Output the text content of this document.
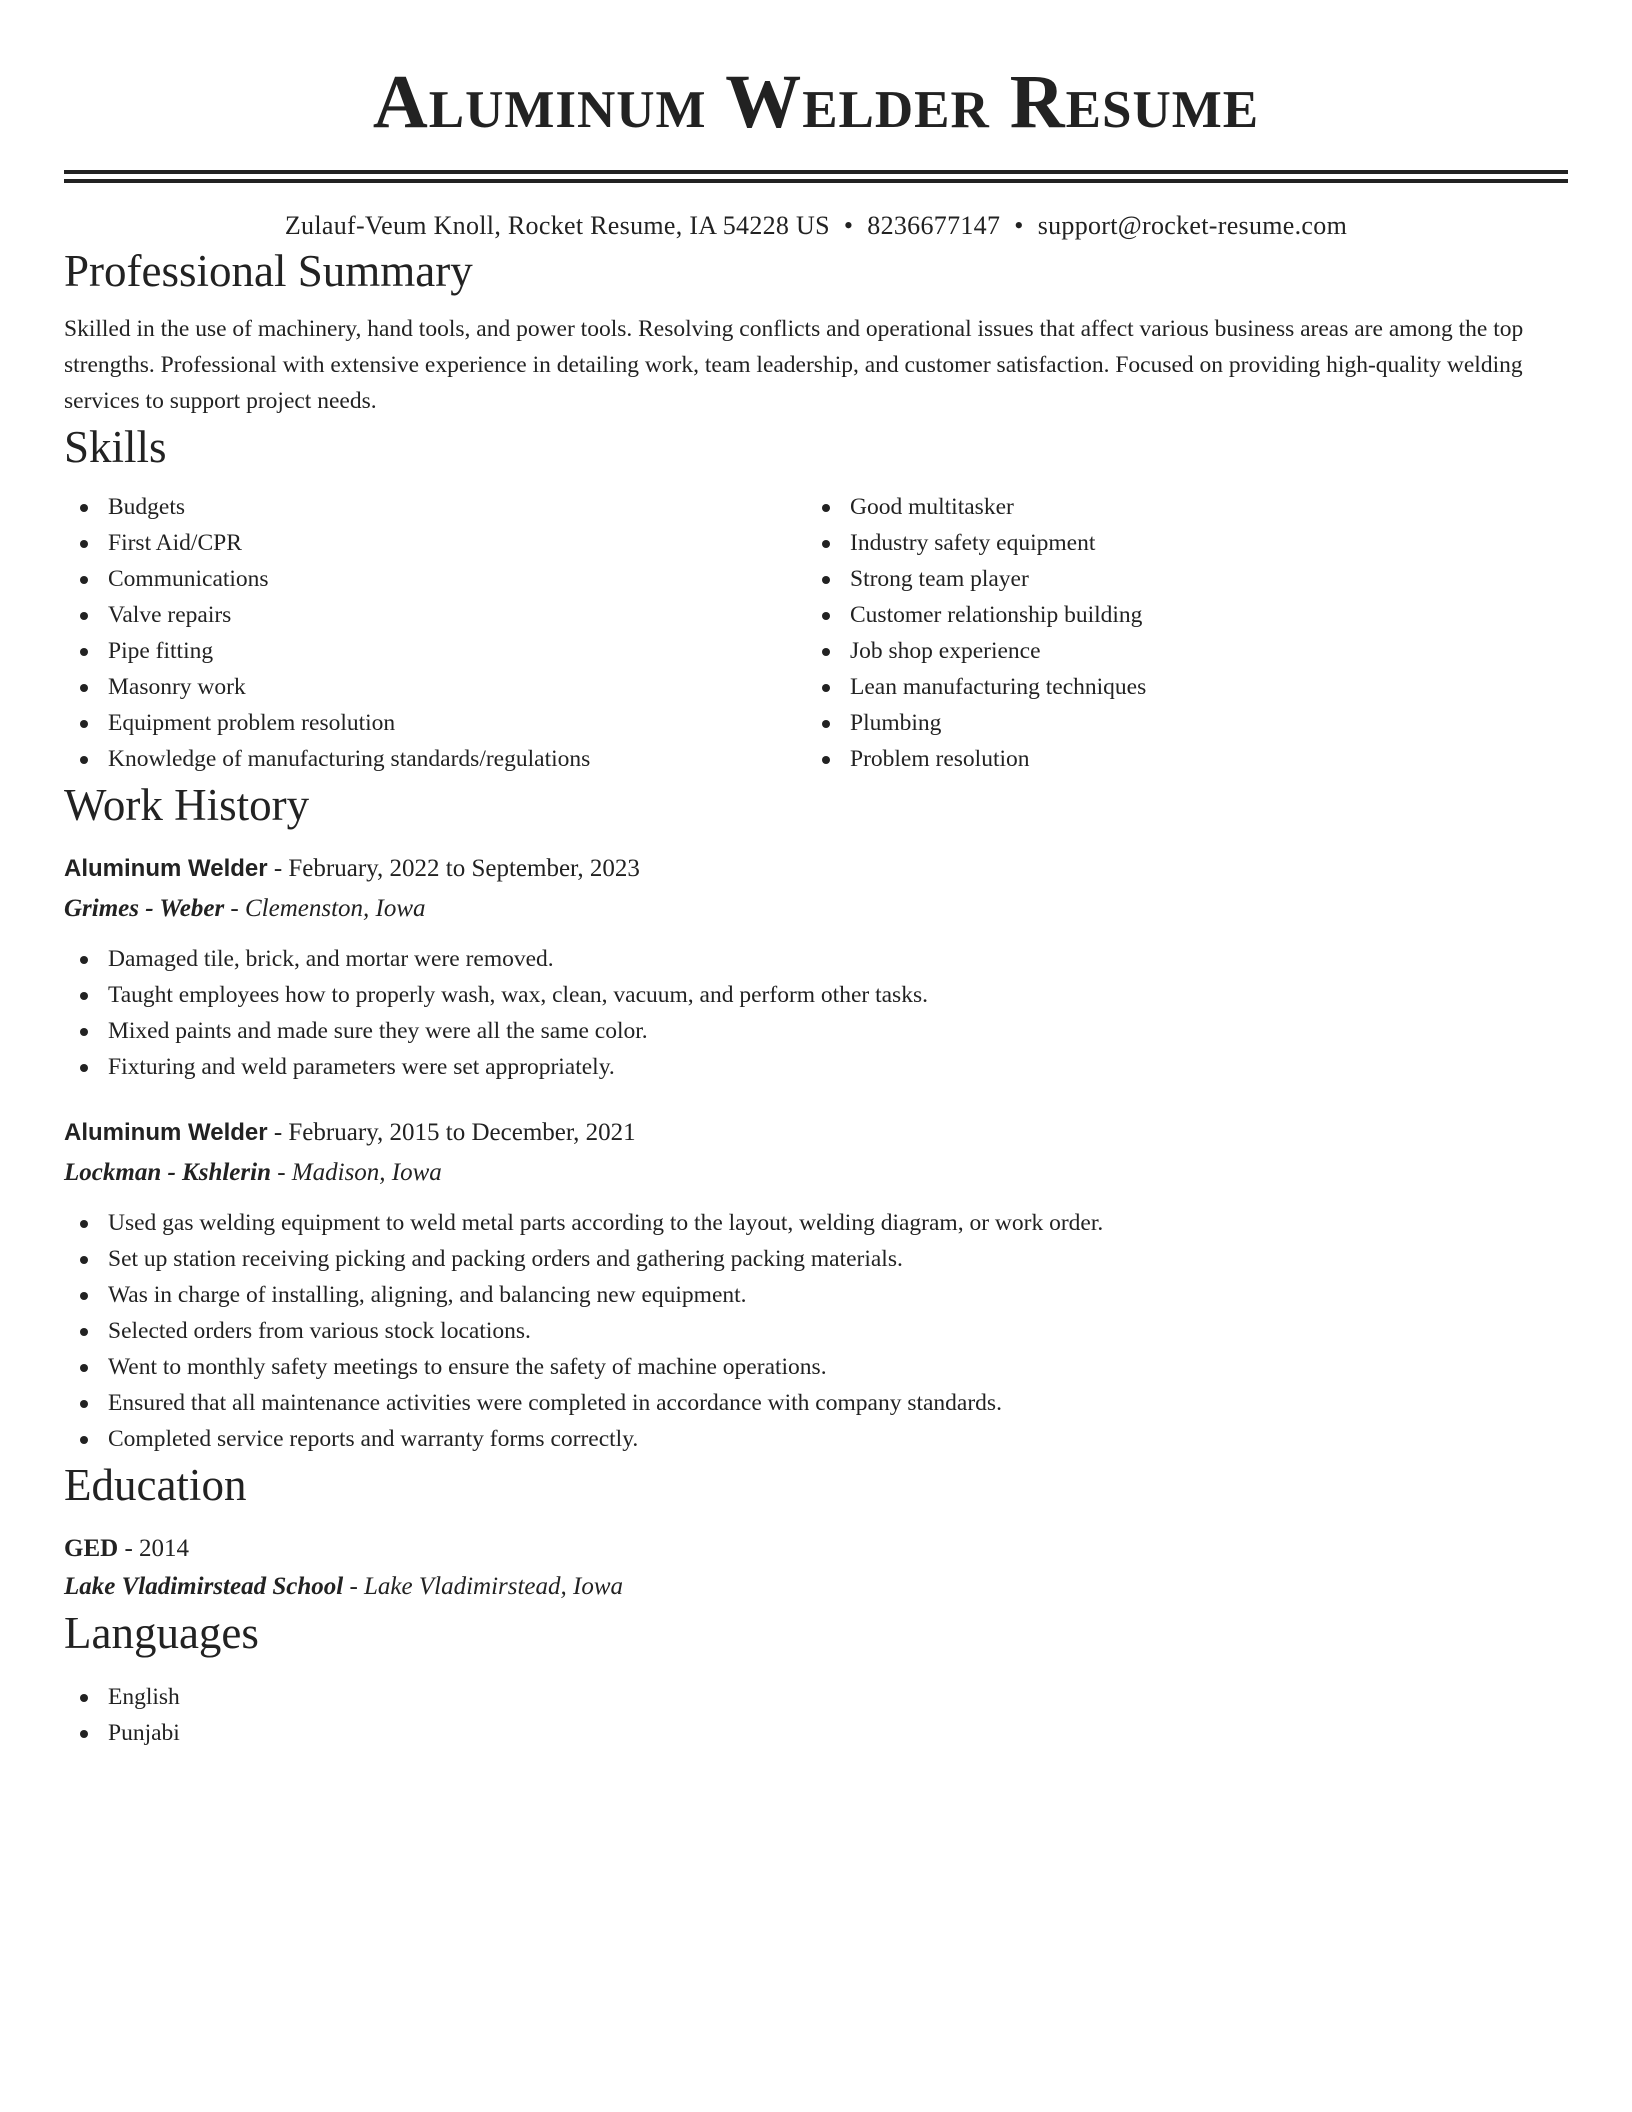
Aluminum Welder Resume
Zulauf-Veum Knoll, Rocket Resume, IA 54228 US • 8236677147 • support@rocket-resume.com
Professional Summary

Skilled in the use of machinery, hand tools, and power tools. Resolving conflicts and operational issues that affect various business areas are among the top strengths. Professional with extensive experience in detailing work, team leadership, and customer satisfaction. Focused on providing high-quality welding services to support project needs.

Skills
Budgets
First Aid/CPR
Communications
Valve repairs
Pipe fitting
Masonry work
Equipment problem resolution
Knowledge of manufacturing standards/regulations
Good multitasker
Industry safety equipment
Strong team player
Customer relationship building
Job shop experience
Lean manufacturing techniques
Plumbing
Problem resolution
Work History
Aluminum Welder - February, 2022 to September, 2023
Grimes - Weber - Clemenston, Iowa
Damaged tile, brick, and mortar were removed.
Taught employees how to properly wash, wax, clean, vacuum, and perform other tasks.
Mixed paints and made sure they were all the same color.
Fixturing and weld parameters were set appropriately.
Aluminum Welder - February, 2015 to December, 2021
Lockman - Kshlerin - Madison, Iowa
Used gas welding equipment to weld metal parts according to the layout, welding diagram, or work order.
Set up station receiving picking and packing orders and gathering packing materials.
Was in charge of installing, aligning, and balancing new equipment.
Selected orders from various stock locations.
Went to monthly safety meetings to ensure the safety of machine operations.
Ensured that all maintenance activities were completed in accordance with company standards.
Completed service reports and warranty forms correctly.
Education
GED - 2014
Lake Vladimirstead School - Lake Vladimirstead, Iowa
Languages
English
Punjabi
